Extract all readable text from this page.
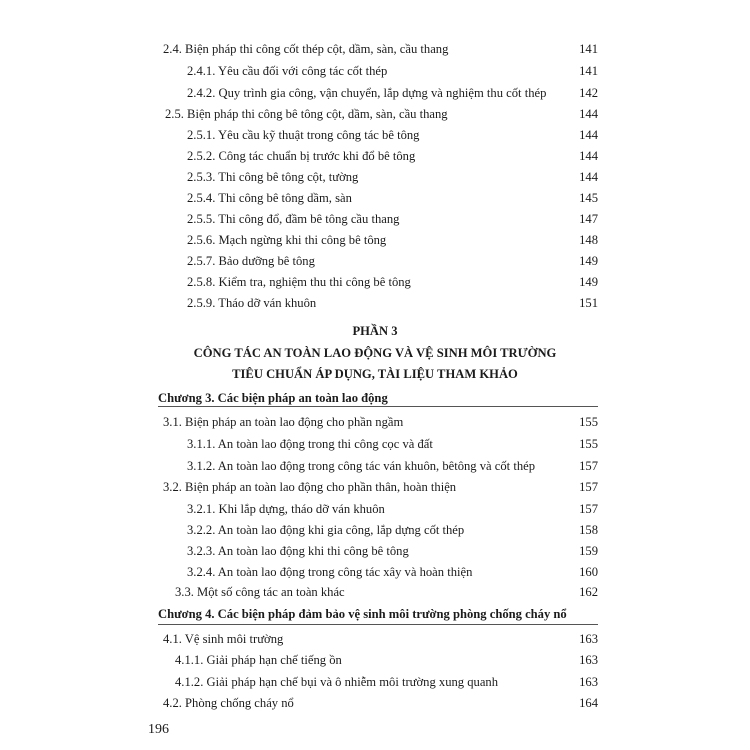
2.4. Biện pháp thi công cốt thép cột, dầm, sàn, cầu thang	141
2.4.1. Yêu cầu đối với công tác cốt thép	141
2.4.2. Quy trình gia công, vận chuyển, lắp dựng và nghiệm thu cốt thép	142
2.5. Biện pháp thi công bê tông cột, dầm, sàn, cầu thang	144
2.5.1. Yêu cầu kỹ thuật trong công tác bê tông	144
2.5.2. Công tác chuẩn bị trước khi đổ bê tông	144
2.5.3. Thi công bê tông cột, tường	144
2.5.4. Thi công bê tông dầm, sàn	145
2.5.5. Thi công đổ, đầm bê tông cầu thang	147
2.5.6. Mạch ngừng khi thi công bê tông	148
2.5.7. Bảo dưỡng bê tông	149
2.5.8. Kiểm tra, nghiệm thu thi công bê tông	149
2.5.9. Tháo dỡ ván khuôn	151
PHẦN 3
CÔNG TÁC AN TOÀN LAO ĐỘNG VÀ VỆ SINH MÔI TRƯỜNG
TIÊU CHUẨN ÁP DỤNG, TÀI LIỆU THAM KHẢO
Chương 3. Các biện pháp an toàn lao động
3.1. Biện pháp an toàn lao động cho phần ngầm	155
3.1.1. An toàn lao động trong thi công cọc và đất	155
3.1.2. An toàn lao động trong công tác ván khuôn, bêtông và cốt thép	157
3.2. Biện pháp an toàn lao động cho phần thân, hoàn thiện	157
3.2.1. Khi lắp dựng, tháo dỡ ván khuôn	157
3.2.2. An toàn lao động khi gia công, lắp dựng cốt thép	158
3.2.3. An toàn lao động khi thi công bê tông	159
3.2.4. An toàn lao động trong công tác xây và hoàn thiện	160
3.3. Một số công tác an toàn khác	162
Chương 4. Các biện pháp đảm bảo vệ sinh môi trường phòng chống cháy nổ
4.1. Vệ sinh môi trường	163
4.1.1. Giải pháp hạn chế tiếng ồn	163
4.1.2. Giải pháp hạn chế bụi và ô nhiễm môi trường xung quanh	163
4.2. Phòng chống cháy nổ	164
196
